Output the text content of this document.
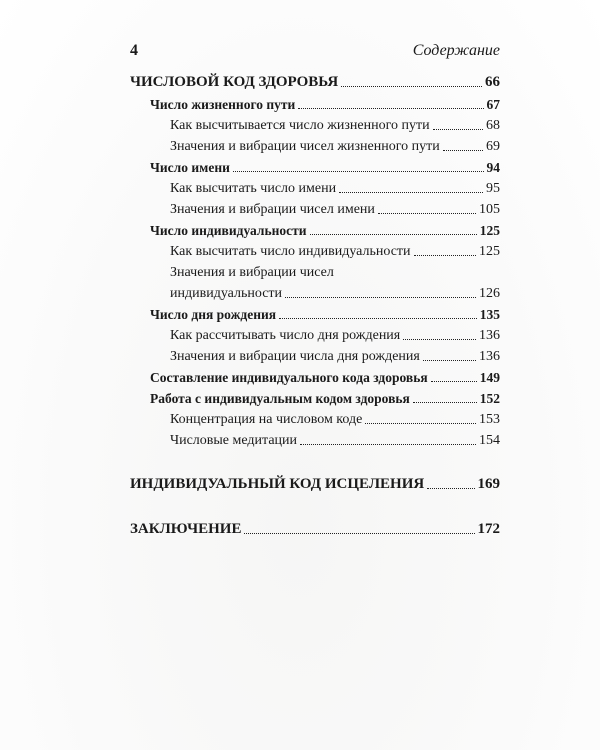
4	Содержание
ЧИСЛОВОЙ КОД ЗДОРОВЬЯ	66
Число жизненного пути	67
Как высчитывается число жизненного пути	68
Значения и вибрации чисел жизненного пути	69
Число имени	94
Как высчитать число имени	95
Значения и вибрации чисел имени	105
Число индивидуальности	125
Как высчитать число индивидуальности	125
Значения и вибрации чисел
индивидуальности	126
Число дня рождения	135
Как рассчитывать число дня рождения	136
Значения и вибрации числа дня рождения	136
Составление индивидуального кода здоровья	149
Работа с индивидуальным кодом здоровья	152
Концентрация на числовом коде	153
Числовые медитации	154
ИНДИВИДУАЛЬНЫЙ КОД ИСЦЕЛЕНИЯ	169
ЗАКЛЮЧЕНИЕ	172
